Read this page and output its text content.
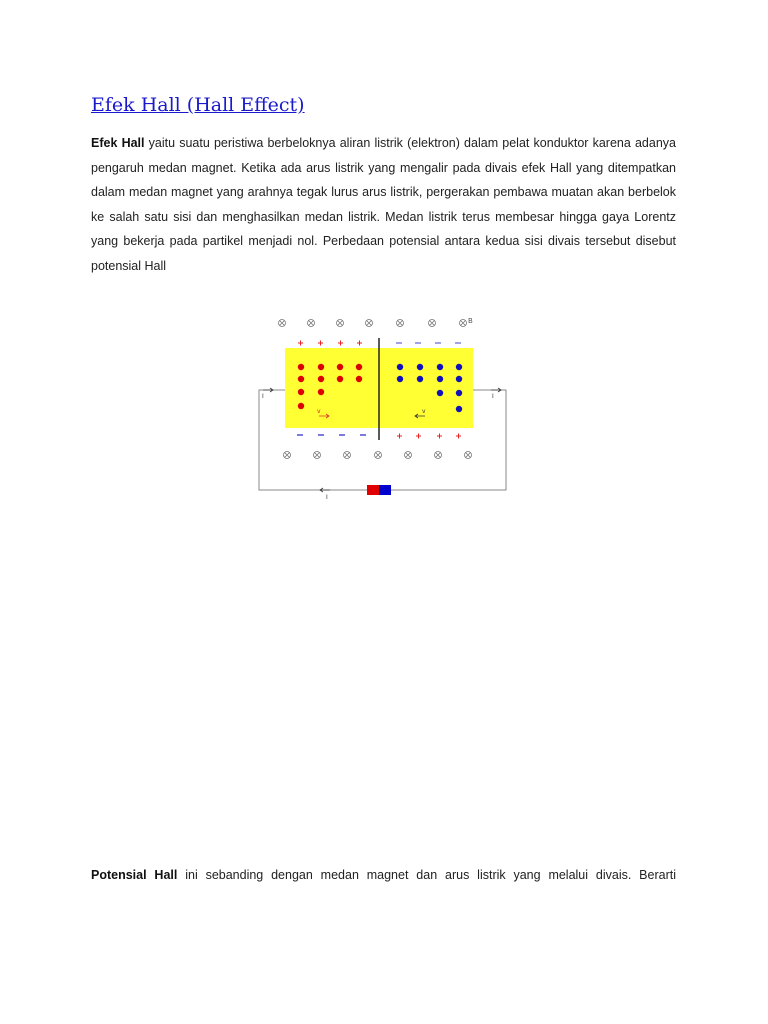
Efek Hall (Hall Effect)

Efek Hall yaitu suatu peristiwa berbeloknya aliran listrik (elektron) dalam pelat konduktor karena adanya pengaruh medan magnet. Ketika ada arus listrik yang mengalir pada divais efek Hall yang ditempatkan dalam medan magnet yang arahnya tegak lurus arus listrik, pergerakan pembawa muatan akan berbelok ke salah satu sisi dan menghasilkan medan listrik. Medan listrik terus membesar hingga gaya Lorentz yang bekerja pada partikel menjadi nol. Perbedaan potensial antara kedua sisi divais tersebut disebut potensial Hall

B
v	v
I	I
I

Potensial Hall ini sebanding dengan medan magnet dan arus listrik yang melalui divais. Berarti
